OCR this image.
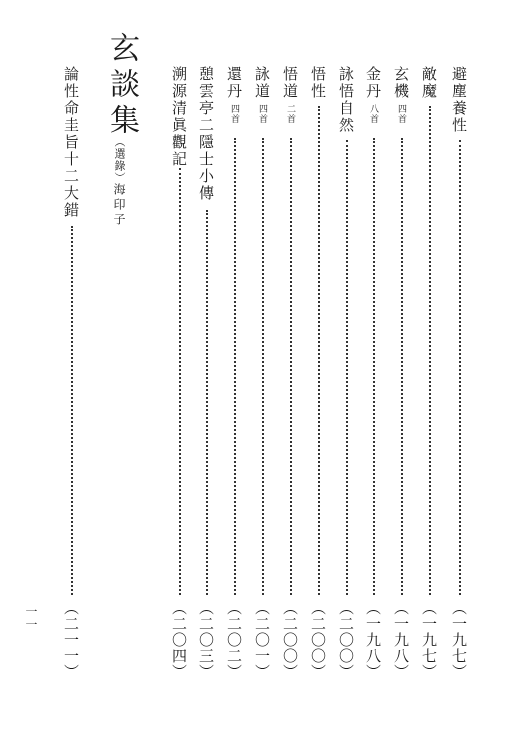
避塵養性
（一九七）
敵魔
（一九七）
玄機
四首
（一九八）
金丹
八首
（一九八）
詠悟自然
（二〇〇）
悟性
（二〇〇）
悟道
二首
（二〇〇）
詠道
四首
（二〇一）
還丹
四首
（二〇二）
憩雲亭二隱士小傳
（二〇三）
溯源清眞觀記
（二〇四）
玄談集
（選錄）
海印子
論性命圭旨十二大錯
（二一一）
一一
